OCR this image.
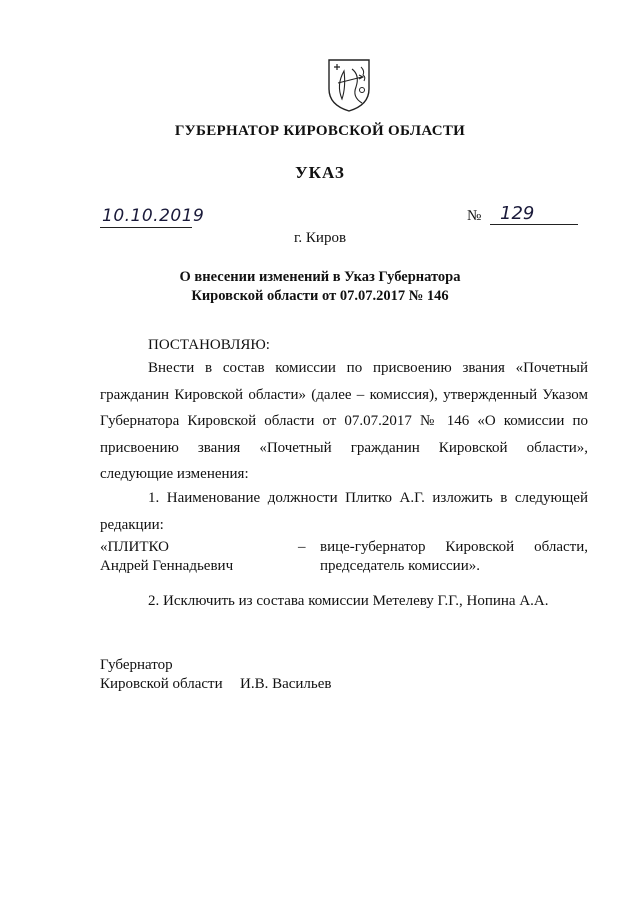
ГУБЕРНАТОР КИРОВСКОЙ ОБЛАСТИ
УКАЗ
10.10.2019	№ 129
г. Киров
О внесении изменений в Указ Губернатора
Кировской области от 07.07.2017 № 146
ПОСТАНОВЛЯЮ:

Внести в состав комиссии по присвоению звания «Почетный гражданин Кировской области» (далее – комиссия), утвержденный Указом Губернатора Кировской области от 07.07.2017 № 146 «О комиссии по присвоению звания «Почетный гражданин Кировской области», следующие изменения:

1. Наименование должности Плитко А.Г. изложить в следующей редакции:

«ПЛИТКО
Андрей Геннадьевич
– вице-губернатор Кировской области,
председатель комиссии».
2. Исключить из состава комиссии Метелеву Г.Г., Нопина А.А.
Губернатор
Кировской области И.В. Васильев
